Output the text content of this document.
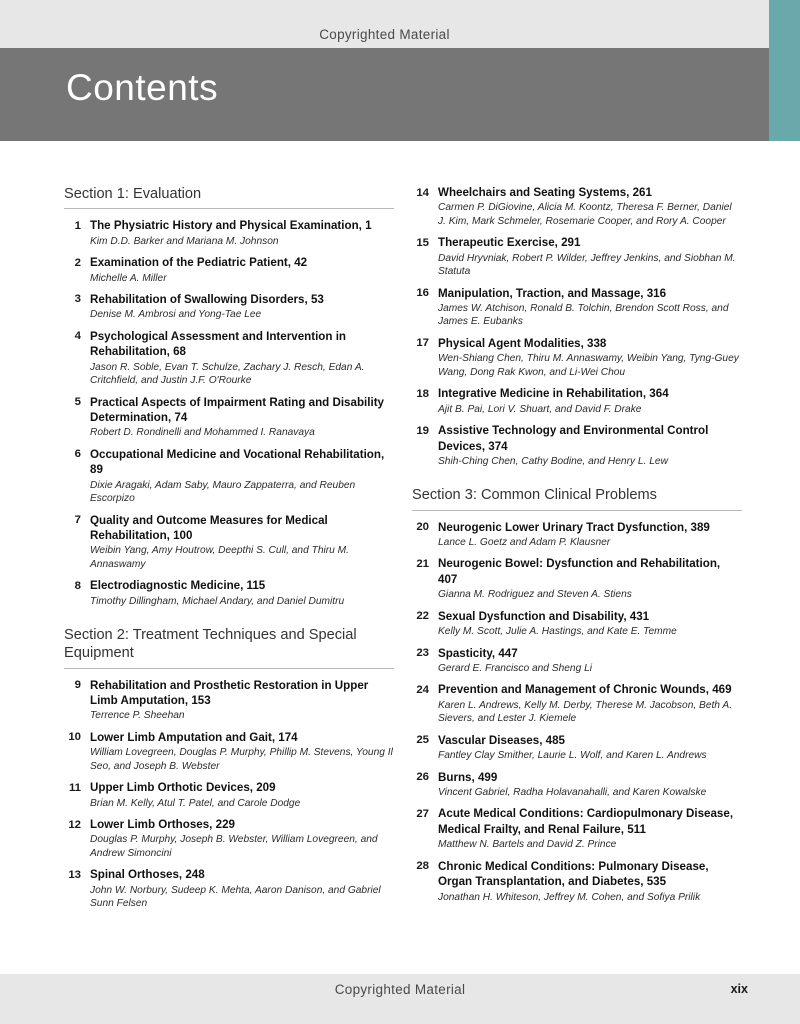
Copyrighted Material
Contents
Section 1: Evaluation
1 The Physiatric History and Physical Examination, 1
Kim D.D. Barker and Mariana M. Johnson
2 Examination of the Pediatric Patient, 42
Michelle A. Miller
3 Rehabilitation of Swallowing Disorders, 53
Denise M. Ambrosi and Yong-Tae Lee
4 Psychological Assessment and Intervention in Rehabilitation, 68
Jason R. Soble, Evan T. Schulze, Zachary J. Resch, Edan A. Critchfield, and Justin J.F. O'Rourke
5 Practical Aspects of Impairment Rating and Disability Determination, 74
Robert D. Rondinelli and Mohammed I. Ranavaya
6 Occupational Medicine and Vocational Rehabilitation, 89
Dixie Aragaki, Adam Saby, Mauro Zappaterra, and Reuben Escorpizo
7 Quality and Outcome Measures for Medical Rehabilitation, 100
Weibin Yang, Amy Houtrow, Deepthi S. Cull, and Thiru M. Annaswamy
8 Electrodiagnostic Medicine, 115
Timothy Dillingham, Michael Andary, and Daniel Dumitru
Section 2: Treatment Techniques and Special Equipment
9 Rehabilitation and Prosthetic Restoration in Upper Limb Amputation, 153
Terrence P. Sheehan
10 Lower Limb Amputation and Gait, 174
William Lovegreen, Douglas P. Murphy, Phillip M. Stevens, Young Il Seo, and Joseph B. Webster
11 Upper Limb Orthotic Devices, 209
Brian M. Kelly, Atul T. Patel, and Carole Dodge
12 Lower Limb Orthoses, 229
Douglas P. Murphy, Joseph B. Webster, William Lovegreen, and Andrew Simoncini
13 Spinal Orthoses, 248
John W. Norbury, Sudeep K. Mehta, Aaron Danison, and Gabriel Sunn Felsen
14 Wheelchairs and Seating Systems, 261
Carmen P. DiGiovine, Alicia M. Koontz, Theresa F. Berner, Daniel J. Kim, Mark Schmeler, Rosemarie Cooper, and Rory A. Cooper
15 Therapeutic Exercise, 291
David Hryvniak, Robert P. Wilder, Jeffrey Jenkins, and Siobhan M. Statuta
16 Manipulation, Traction, and Massage, 316
James W. Atchison, Ronald B. Tolchin, Brendon Scott Ross, and James E. Eubanks
17 Physical Agent Modalities, 338
Wen-Shiang Chen, Thiru M. Annaswamy, Weibin Yang, Tyng-Guey Wang, Dong Rak Kwon, and Li-Wei Chou
18 Integrative Medicine in Rehabilitation, 364
Ajit B. Pai, Lori V. Shuart, and David F. Drake
19 Assistive Technology and Environmental Control Devices, 374
Shih-Ching Chen, Cathy Bodine, and Henry L. Lew
Section 3: Common Clinical Problems
20 Neurogenic Lower Urinary Tract Dysfunction, 389
Lance L. Goetz and Adam P. Klausner
21 Neurogenic Bowel: Dysfunction and Rehabilitation, 407
Gianna M. Rodriguez and Steven A. Stiens
22 Sexual Dysfunction and Disability, 431
Kelly M. Scott, Julie A. Hastings, and Kate E. Temme
23 Spasticity, 447
Gerard E. Francisco and Sheng Li
24 Prevention and Management of Chronic Wounds, 469
Karen L. Andrews, Kelly M. Derby, Therese M. Jacobson, Beth A. Sievers, and Lester J. Kiemele
25 Vascular Diseases, 485
Fantley Clay Smither, Laurie L. Wolf, and Karen L. Andrews
26 Burns, 499
Vincent Gabriel, Radha Holavanahalli, and Karen Kowalske
27 Acute Medical Conditions: Cardiopulmonary Disease, Medical Frailty, and Renal Failure, 511
Matthew N. Bartels and David Z. Prince
28 Chronic Medical Conditions: Pulmonary Disease, Organ Transplantation, and Diabetes, 535
Jonathan H. Whiteson, Jeffrey M. Cohen, and Sofiya Prilik
Copyrighted Material	xix
